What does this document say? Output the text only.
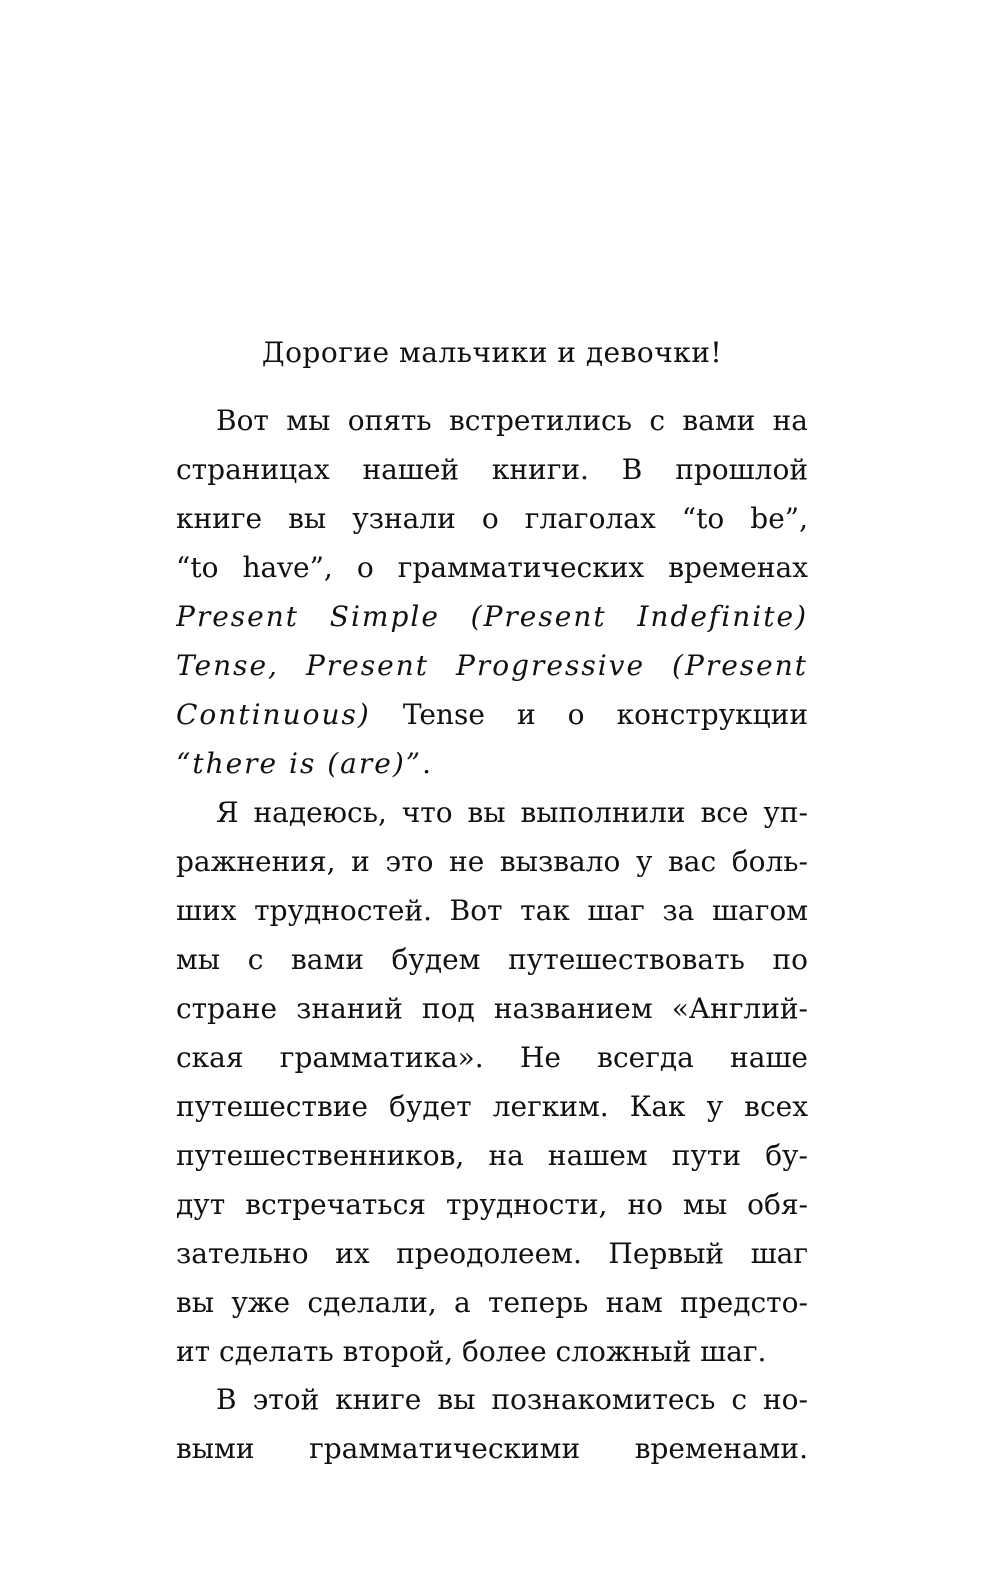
Дорогие мальчики и девочки!
Вот мы опять встретились с вами на
страницах нашей книги. В прошлой
книге вы узнали о глаголах “to be”,
“to have”, о грамматических временах
Present Simple (Present Indefinite)
Tense, Present Progressive (Present
Continuous) Tense и о конструкции
“there is (are)”.
Я надеюсь, что вы выполнили все уп-
ражнения, и это не вызвало у вас боль-
ших трудностей. Вот так шаг за шагом
мы с вами будем путешествовать по
стране знаний под названием «Англий-
ская грамматика». Не всегда наше
путешествие будет легким. Как у всех
путешественников, на нашем пути бу-
дут встречаться трудности, но мы обя-
зательно их преодолеем. Первый шаг
вы уже сделали, а теперь нам предсто-
ит сделать второй, более сложный шаг.
В этой книге вы познакомитесь с но-
выми грамматическими временами.
